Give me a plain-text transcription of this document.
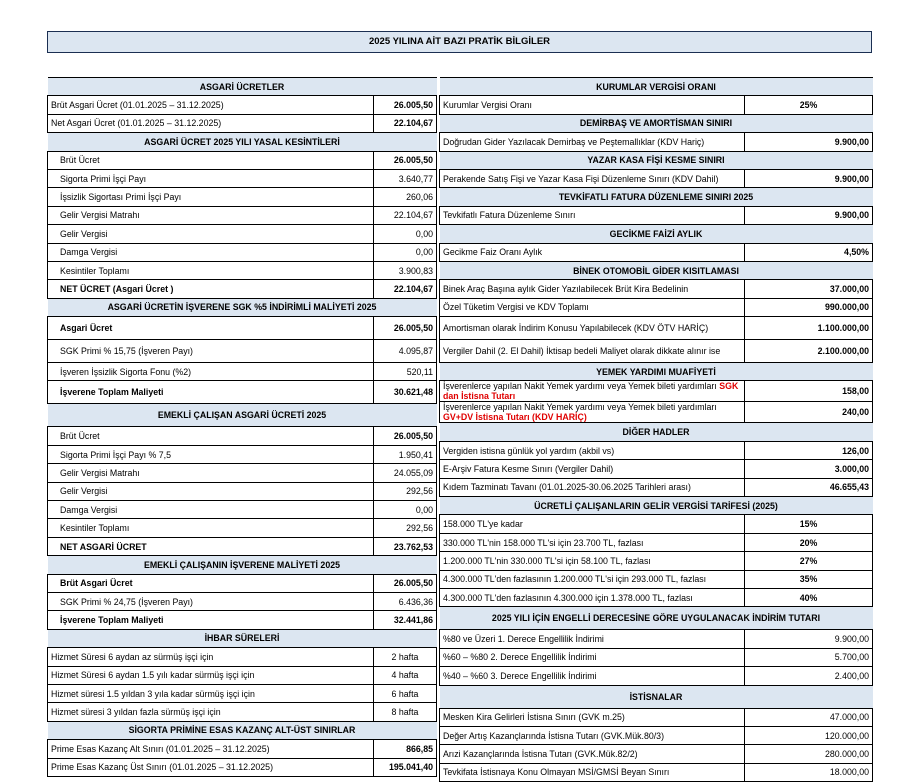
2025 YILINA AİT BAZI PRATİK BİLGİLER
ASGARİ ÜCRETLER	
Brüt Asgari Ücret (01.01.2025 – 31.12.2025)	26.005,50
Net Asgari Ücret (01.01.2025 – 31.12.2025)	22.104,67
ASGARİ ÜCRET 2025 YILI YASAL KESİNTİLERİ	
Brüt Ücret	26.005,50
Sigorta Primi İşçi Payı	3.640,77
İşsizlik Sigortası Primi İşçi Payı	260,06
Gelir Vergisi Matrahı	22.104,67
Gelir Vergisi	0,00
Damga Vergisi	0,00
Kesintiler Toplamı	3.900,83
NET ÜCRET (Asgari Ücret )	22.104,67
ASGARİ ÜCRETİN İŞVERENE SGK %5 İNDİRİMLİ MALİYETİ 2025	
Asgari Ücret	26.005,50
SGK Primi % 15,75 (İşveren Payı)	4.095,87
İşveren İşsizlik Sigorta Fonu (%2)	520,11
İşverene Toplam Maliyeti	30.621,48
EMEKLİ ÇALIŞAN ASGARİ ÜCRETİ 2025	
Brüt Ücret	26.005,50
Sigorta Primi İşçi Payı % 7,5	1.950,41
Gelir Vergisi Matrahı	24.055,09
Gelir Vergisi	292,56
Damga Vergisi	0,00
Kesintiler Toplamı	292,56
NET ASGARİ ÜCRET	23.762,53
EMEKLİ ÇALIŞANIN İŞVERENE MALİYETİ 2025	
Brüt Asgari Ücret	26.005,50
SGK Primi % 24,75 (İşveren Payı)	6.436,36
İşverene Toplam Maliyeti	32.441,86
İHBAR SÜRELERİ	
Hizmet Süresi 6 aydan az sürmüş işçi için	2 hafta
Hizmet Süresi 6 aydan 1.5 yılı kadar sürmüş işçi için	4 hafta
Hizmet süresi 1.5 yıldan 3 yıla kadar sürmüş işçi için	6 hafta
Hizmet süresi 3 yıldan fazla sürmüş işçi için	8 hafta
SİGORTA PRİMİNE ESAS KAZANÇ ALT-ÜST SINIRLAR	
Prime Esas Kazanç Alt Sınırı (01.01.2025 – 31.12.2025)	866,85
Prime Esas Kazanç Üst Sınırı (01.01.2025 – 31.12.2025)	195.041,40
KURUMLAR VERGİSİ ORANI	
Kurumlar Vergisi Oranı	25%
DEMİRBAŞ VE AMORTİSMAN SINIRI	
Doğrudan Gider Yazılacak Demirbaş ve Peştemallıklar (KDV Hariç)	9.900,00
YAZAR KASA FİŞİ KESME SINIRI	
Perakende Satış Fişi ve Yazar Kasa Fişi Düzenleme Sınırı (KDV Dahil)	9.900,00
TEVKİFATLI FATURA DÜZENLEME SINIRI 2025	
Tevkifatlı Fatura Düzenleme Sınırı	9.900,00
GECİKME FAİZİ AYLIK	
Gecikme Faiz Oranı Aylık	4,50%
BİNEK OTOMOBİL GİDER KISITLAMASI	
Binek Araç Başına aylık Gider Yazılabilecek Brüt Kira Bedelinin	37.000,00
Özel Tüketim Vergisi ve KDV Toplamı	990.000,00
Amortisman olarak İndirim Konusu Yapılabilecek (KDV ÖTV HARİÇ)	1.100.000,00
Vergiler Dahil (2. El Dahil) İktisap bedeli Maliyet olarak dikkate alınır ise	2.100.000,00
YEMEK YARDIMI MUAFİYETİ	
İşverenlerce yapılan Nakit Yemek yardımı veya Yemek bileti yardımları SGK dan İstisna Tutarı	158,00
İşverenlerce yapılan Nakit Yemek yardımı veya Yemek bileti yardımları GV+DV İstisna Tutarı (KDV HARİÇ)	240,00
DİĞER HADLER	
Vergiden istisna günlük yol yardım (akbil vs)	126,00
E-Arşiv Fatura Kesme Sınırı (Vergiler Dahil)	3.000,00
Kıdem Tazminatı Tavanı (01.01.2025-30.06.2025 Tarihleri arası)	46.655,43
ÜCRETLİ ÇALIŞANLARIN GELİR VERGİSİ TARİFESİ (2025)	
158.000 TL'ye kadar	15%
330.000 TL'nin 158.000 TL'si için 23.700 TL, fazlası	20%
1.200.000 TL'nin 330.000 TL'si için 58.100 TL, fazlası	27%
4.300.000 TL'den fazlasının 1.200.000 TL'si için 293.000 TL, fazlası	35%
4.300.000 TL'den fazlasının 4.300.000 için 1.378.000 TL, fazlası	40%
2025 YILI İÇİN ENGELLİ DERECESİNE GÖRE UYGULANACAK İNDİRİM TUTARI	
%80 ve Üzeri 1. Derece Engellilik İndirimi	9.900,00
%60 – %80 2. Derece Engellilik İndirimi	5.700,00
%40 – %60 3. Derece Engellilik İndirimi	2.400,00
İSTİSNALAR	
Mesken Kira Gelirleri İstisna Sınırı (GVK m.25)	47.000,00
Değer Artış Kazançlarında İstisna Tutarı (GVK.Mük.80/3)	120.000,00
Arızi Kazançlarında İstisna Tutarı (GVK.Mük.82/2)	280.000,00
Tevkifata İstisnaya Konu Olmayan MSİ/GMSİ Beyan Sınırı	18.000,00
